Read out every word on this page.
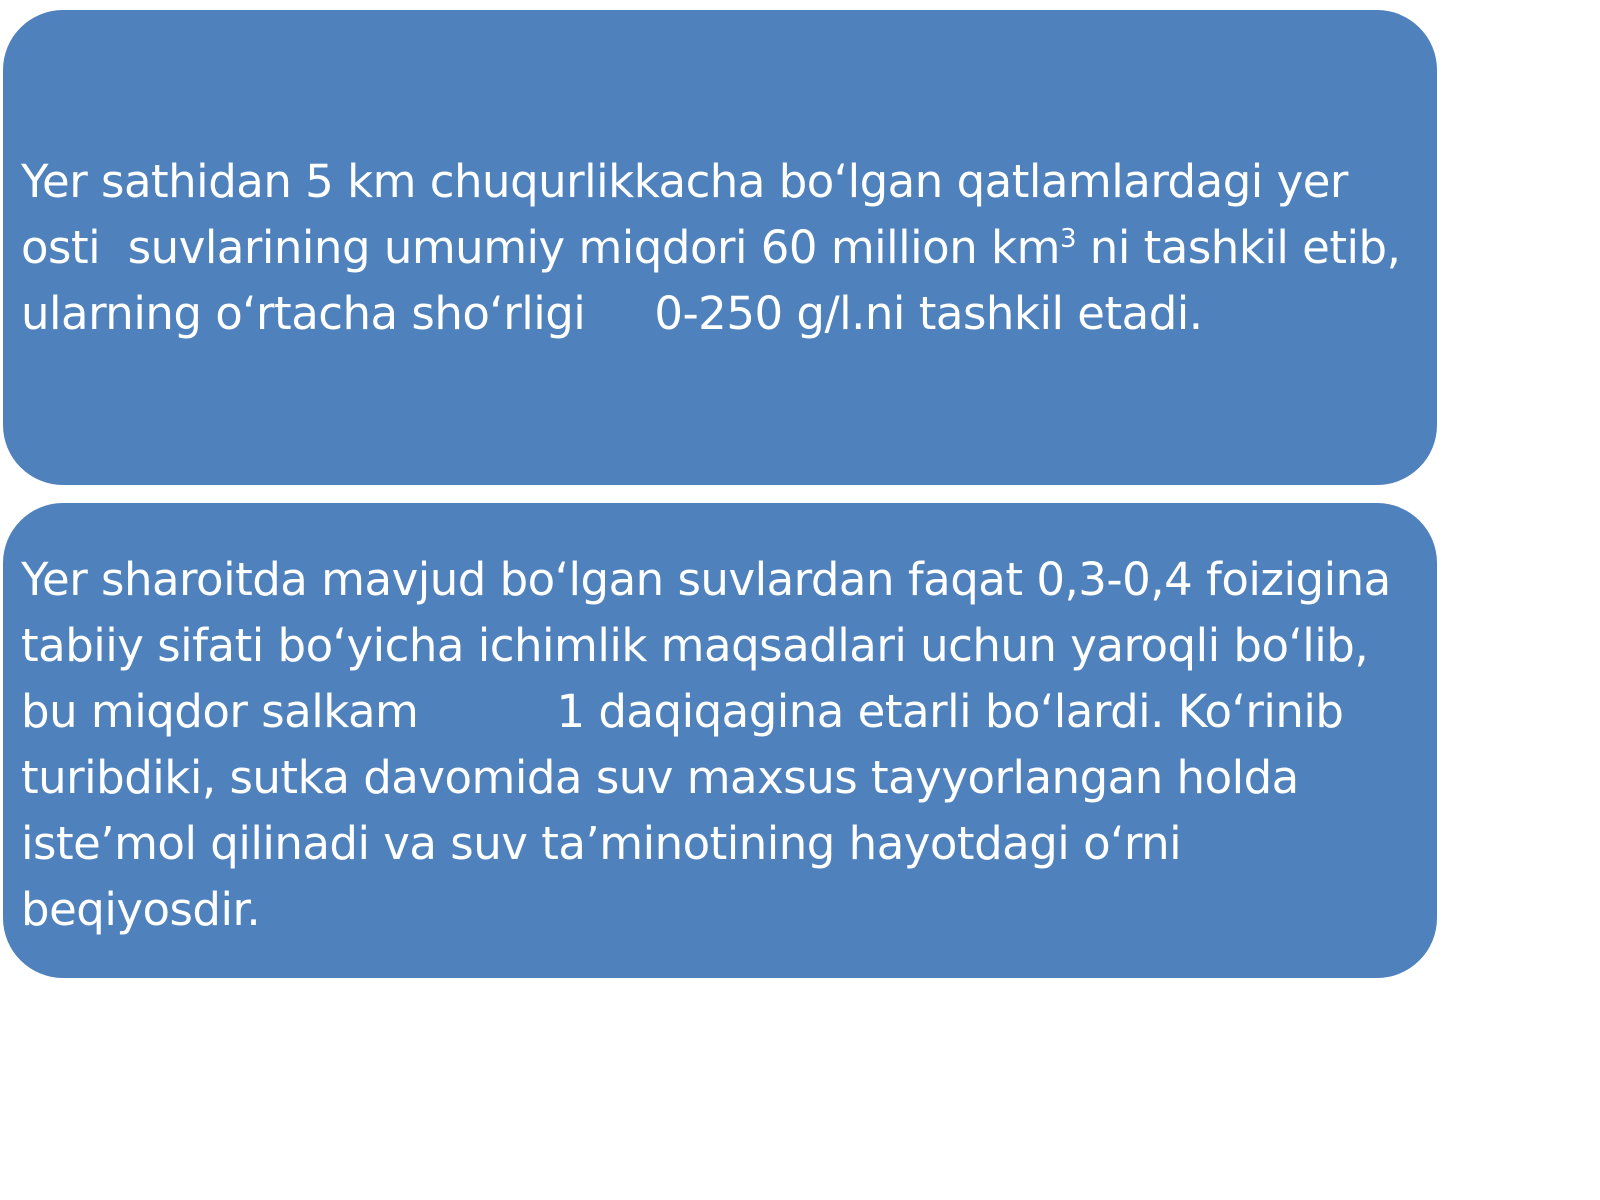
Yer sathidan 5 km chuqurlikkacha bo‘lgan qatlamlardagi yer osti  suvlarining umumiy miqdori 60 million $km^3$ ni tashkil etib, ularning o‘rtacha sho‘rligi     0-250 g/l.ni tashkil etadi.

Yer sharoitda mavjud bo‘lgan suvlardan faqat 0,3-0,4 foizigina tabiiy sifati bo‘yicha ichimlik maqsadlari uchun yaroqli bo‘lib, bu miqdor salkam          1 daqiqagina etarli bo‘lardi. Ko‘rinib turibdiki, sutka davomida suv maxsus tayyorlangan holda iste’mol qilinadi va suv ta’minotining hayotdagi o‘rni beqiyosdir.
